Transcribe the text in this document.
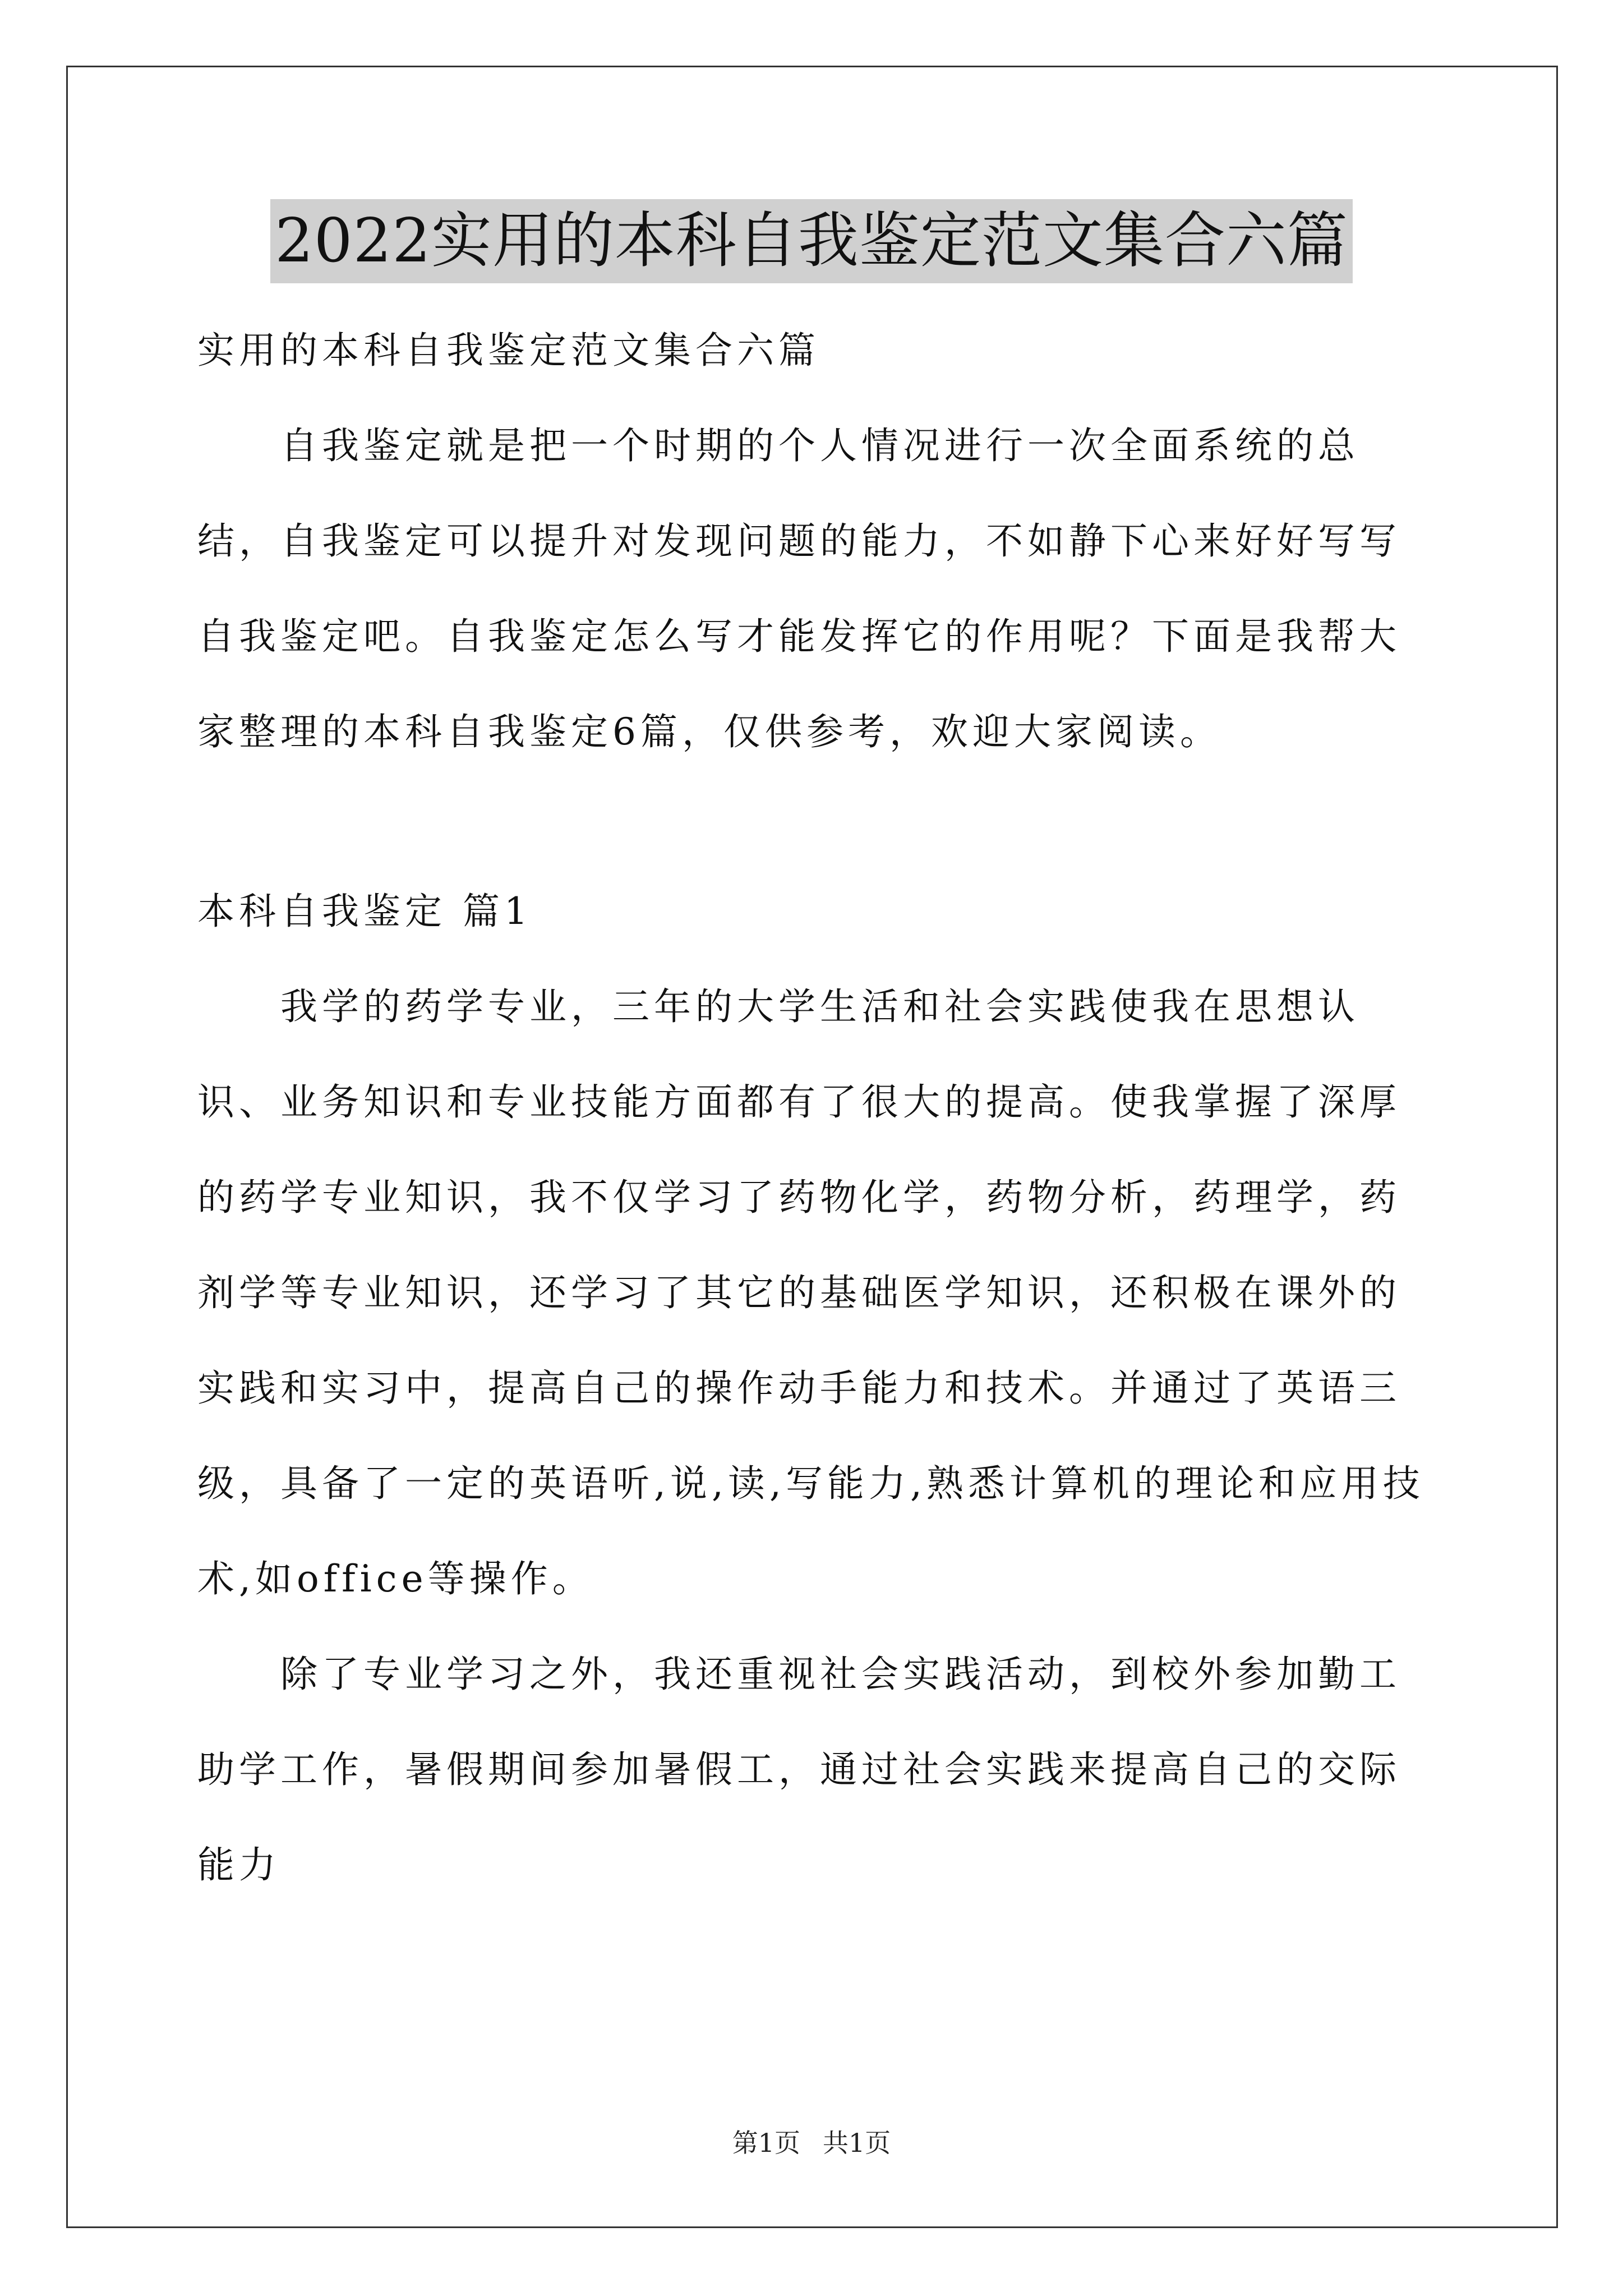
2022实用的本科自我鉴定范文集合六篇

实用的本科自我鉴定范文集合六篇

自我鉴定就是把一个时期的个人情况进行一次全面系统的总结，自我鉴定可以提升对发现问题的能力，不如静下心来好好写写自我鉴定吧。自我鉴定怎么写才能发挥它的作用呢？下面是我帮大家整理的本科自我鉴定6篇，仅供参考，欢迎大家阅读。

本科自我鉴定 篇1

我学的药学专业，三年的大学生活和社会实践使我在思想认识、业务知识和专业技能方面都有了很大的提高。使我掌握了深厚的药学专业知识，我不仅学习了药物化学，药物分析，药理学，药剂学等专业知识，还学习了其它的基础医学知识，还积极在课外的实践和实习中，提高自己的操作动手能力和技术。并通过了英语三级，具备了一定的英语听,说,读,写能力,熟悉计算机的理论和应用技术,如office等操作。

除了专业学习之外，我还重视社会实践活动，到校外参加勤工助学工作，暑假期间参加暑假工，通过社会实践来提高自己的交际能力

第1页 共1页
